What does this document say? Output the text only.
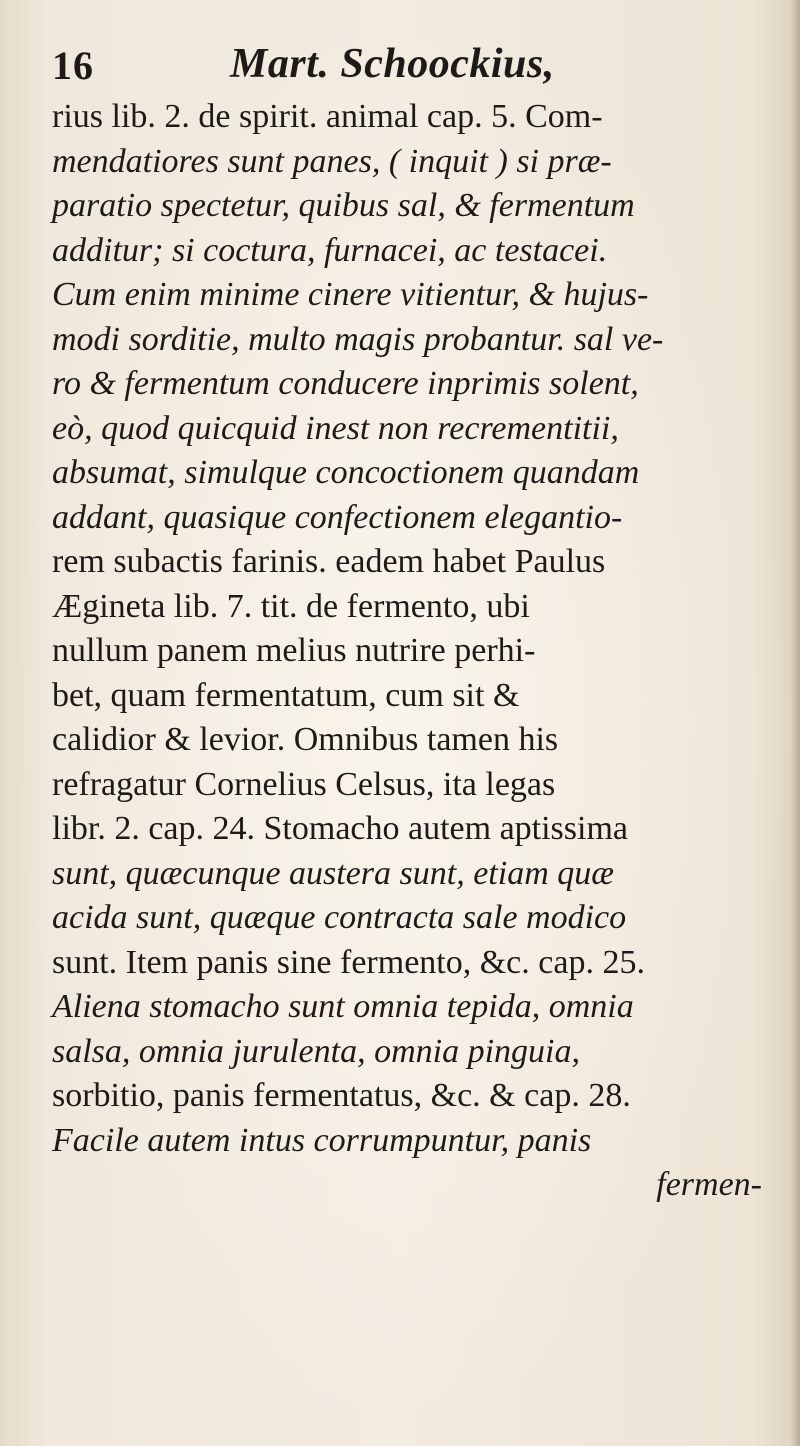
16	Mart. Schoockius,
rius lib. 2. de spirit. animal cap. 5. Com-
mendatiores sunt panes, ( inquit ) si præ-
paratio spectetur, quibus sal, & fermentum
additur; si coctura, furnacei, ac testacei.
Cum enim minime cinere vitientur, & hujus-
modi sorditie, multo magis probantur. sal ve-
ro & fermentum conducere inprimis solent,
eò, quod quicquid inest non recrementitii,
absumat, simulque concoctionem quandam
addant, quasique confectionem elegantio-
rem subactis farinis. eadem habet Paulus
Ægineta lib. 7. tit. de fermento, ubi
nullum panem melius nutrire perhi-
bet, quam fermentatum, cum sit &
calidior & levior. Omnibus tamen his
refragatur Cornelius Celsus, ita legas
libr. 2. cap. 24. Stomacho autem aptissima
sunt, quæcunque austera sunt, etiam quæ
acida sunt, quæque contracta sale modico
sunt. Item panis sine fermento, &c. cap. 25.
Aliena stomacho sunt omnia tepida, omnia
salsa, omnia jurulenta, omnia pinguia,
sorbitio, panis fermentatus, &c. & cap. 28.
Facile autem intus corrumpuntur, panis
fermen-
